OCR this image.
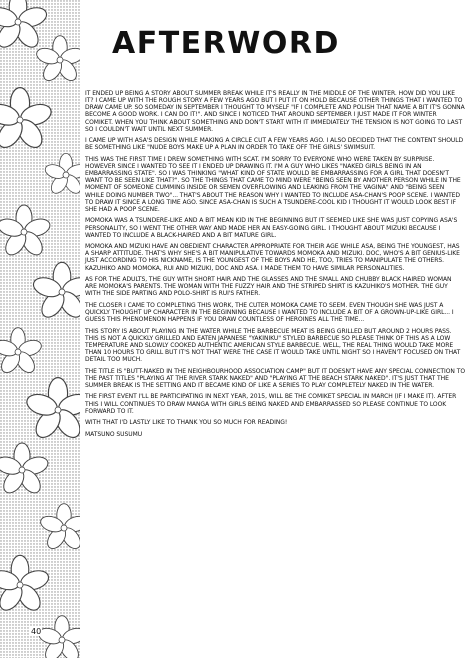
AFTERWORD

IT ENDED UP BEING A STORY ABOUT SUMMER BREAK WHILE IT'S REALLY IN THE MIDDLE OF THE WINTER. HOW DID YOU LIKE IT? I CAME UP WITH THE ROUGH STORY A FEW YEARS AGO BUT I PUT IT ON HOLD BECAUSE OTHER THINGS THAT I WANTED TO DRAW CAME UP. SO SOMEDAY IN SEPTEMBER I THOUGHT TO MYSELF "IF I COMPLETE AND POLISH THAT NAME A BIT IT'S GONNA BECOME A GOOD WORK. I CAN DO IT!". AND SINCE I NOTICED THAT AROUND SEPTEMBER I JUST MADE IT FOR WINTER COMIKET. WHEN YOU THINK ABOUT SOMETHING AND DON'T START WITH IT IMMEDIATELY THE TENSION IS NOT GOING TO LAST SO I COULDN'T WAIT UNTIL NEXT SUMMER.

I CAME UP WITH ASA'S DESIGN WHILE MAKING A CIRCLE CUT A FEW YEARS AGO. I ALSO DECIDED THAT THE CONTENT SHOULD BE SOMETHING LIKE "NUDE BOYS MAKE UP A PLAN IN ORDER TO TAKE OFF THE GIRLS' SWIMSUIT.

THIS WAS THE FIRST TIME I DREW SOMETHING WITH SCAT. I'M SORRY TO EVERYONE WHO WERE TAKEN BY SURPRISE. HOWEVER SINCE I WANTED TO SEE IT I ENDED UP DRAWING IT. I'M A GUY WHO LIKES "NAKED GIRLS BEING IN AN EMBARRASSING STATE". SO I WAS THINKING "WHAT KIND OF STATE WOULD BE EMBARRASSING FOR A GIRL THAT DOESN'T WANT TO BE SEEN LIKE THAT?". SO THE THINGS THAT CAME TO MIND WERE "BEING SEEN BY ANOTHER PERSON WHILE IN THE MOMENT OF SOMEONE CUMMING INSIDE OR SEMEN OVERFLOWING AND LEAKING FROM THE VAGINA" AND "BEING SEEN WHILE DOING NUMBER TWO"... THAT'S ABOUT THE REASON WHY I WANTED TO INCLUDE ASA-CHAN'S POOP SCENE. I WANTED TO DRAW IT SINCE A LONG TIME AGO. SINCE ASA-CHAN IS SUCH A TSUNDERE-COOL KID I THOUGHT IT WOULD LOOK BEST IF SHE HAD A POOP SCENE.

MOMOKA WAS A TSUNDERE-LIKE AND A BIT MEAN KID IN THE BEGINNING BUT IT SEEMED LIKE SHE WAS JUST COPYING ASA'S PERSONALITY, SO I WENT THE OTHER WAY AND MADE HER AN EASY-GOING GIRL. I THOUGHT ABOUT MIZUKI BECAUSE I WANTED TO INCLUDE A BLACK-HAIRED AND A BIT MATURE GIRL.

MOMOKA AND MIZUKI HAVE AN OBEDIENT CHARACTER APPROPRIATE FOR THEIR AGE WHILE ASA, BEING THE YOUNGEST, HAS A SHARP ATTITUDE. THAT'S WHY SHE'S A BIT MANIPULATIVE TOWARDS MOMOKA AND MIZUKI. DOC, WHO'S A BIT GENIUS-LIKE JUST ACCORDING TO HIS NICKNAME, IS THE YOUNGEST OF THE BOYS AND HE, TOO, TRIES TO MANIPULATE THE OTHERS. KAZUHIKO AND MOMOKA, RUI AND MIZUKI, DOC AND ASA. I MADE THEM TO HAVE SIMILAR PERSONALITIES.

AS FOR THE ADULTS, THE GUY WITH SHORT HAIR AND THE GLASSES AND THE SMALL AND CHUBBY BLACK HAIRED WOMAN ARE MOMOKA'S PARENTS. THE WOMAN WITH THE FUZZY HAIR AND THE STRIPED SHIRT IS KAZUHIKO'S MOTHER. THE GUY WITH THE SIDE PARTING AND POLO-SHIRT IS RUI'S FATHER.

THE CLOSER I CAME TO COMPLETING THIS WORK, THE CUTER MOMOKA CAME TO SEEM. EVEN THOUGH SHE WAS JUST A QUICKLY THOUGHT UP CHARACTER IN THE BEGINNING BECAUSE I WANTED TO INCLUDE A BIT OF A GROWN-UP-LIKE GIRL... I GUESS THIS PHENOMENON HAPPENS IF YOU DRAW COUNTLESS OF HEROINES ALL THE TIME...

THIS STORY IS ABOUT PLAYING IN THE WATER WHILE THE BARBECUE MEAT IS BEING GRILLED BUT AROUND 2 HOURS PASS. THIS IS NOT A QUICKLY GRILLED AND EATEN JAPANESE "YAKINIKU" STYLED BARBECUE SO PLEASE THINK OF THIS AS A LOW TEMPERATURE AND SLOWLY COOKED AUTHENTIC AMERICAN STYLE BARBECUE. WELL, THE REAL THING WOULD TAKE MORE THAN 10 HOURS TO GRILL BUT IT'S NOT THAT WERE THE CASE IT WOULD TAKE UNTIL NIGHT SO I HAVEN'T FOCUSED ON THAT DETAIL TOO MUCH.

THE TITLE IS "BUTT-NAKED IN THE NEIGHBOURHOOD ASSOCIATION CAMP" BUT IT DOESN'T HAVE ANY SPECIAL CONNECTION TO THE PAST TITLES "PLAYING AT THE RIVER STARK NAKED" AND "PLAYING AT THE BEACH STARK NAKED". IT'S JUST THAT THE SUMMER BREAK IS THE SETTING AND IT BECAME KIND OF LIKE A SERIES TO PLAY COMPLETELY NAKED IN THE WATER.

THE FIRST EVENT I'LL BE PARTICIPATING IN NEXT YEAR, 2015, WILL BE THE COMIKET SPECIAL IN MARCH (IF I MAKE IT). AFTER THIS I WILL CONTINUES TO DRAW MANGA WITH GIRLS BEING NAKED AND EMBARRASSED SO PLEASE CONTINUE TO LOOK FORWARD TO IT.

WITH THAT I'D LASTLY LIKE TO THANK YOU SO MUCH FOR READING!

MATSUNO SUSUMU

40
